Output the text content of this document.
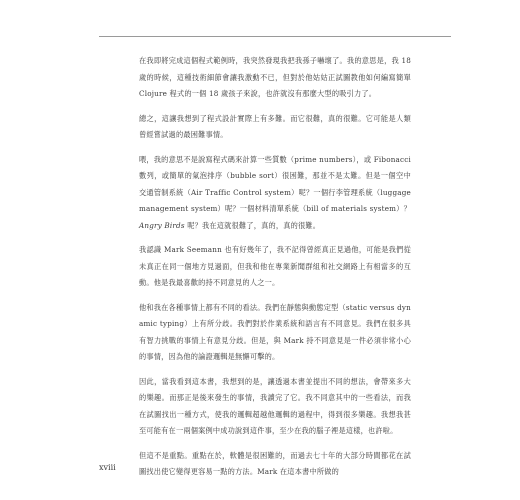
在我即將完成這個程式範例時，我突然發現我把我孫子嚇壞了。我的意思是，我 18 歲的時候，這種技術細節會讓我激動不已，但對於他姑姑正試圖教他如何編寫簡單 Clojure 程式的一個 18 歲孩子來說，也許就沒有那麼大型的吸引力了。

總之，這讓我想到了程式設計實際上有多難。而它很難，真的很難。它可能是人類曾經嘗試過的最困難事情。

喂，我的意思不是說寫程式碼來計算一些質數（prime numbers），或 Fibonacci 數列，或簡單的氣泡排序（bubble sort）很困難，那並不是太難。但是一個空中交通管制系統（Air Traffic Control system）呢？一個行李管理系統（luggage management system）呢？一個材料清單系統（bill of materials system）？Angry Birds 呢？我在這就很難了，真的，真的很難。

我認識 Mark Seemann 也有好幾年了，我不記得曾經真正見過他，可能是我們從未真正在同一個地方見過面，但我和他在專業新聞群組和社交網路上有相當多的互動。他是我最喜歡的持不同意見的人之一。

他和我在各種事情上都有不同的看法。我們在靜態與動態定型（static versus dynamic typing）上有所分歧。我們對於作業系統和語言有不同意見。我們在很多具有智力挑戰的事情上有意見分歧。但是，與 Mark 持不同意見是一件必須非常小心的事情，因為他的論證邏輯是無懈可擊的。

因此，當我看到這本書，我想到的是，讓透過本書並提出不同的想法，會帶來多大的樂趣。而那正是後來發生的事情，我讀完了它。我不同意其中的一些看法，而我在試圖找出一種方式，使我的邏輯超越他邏輯的過程中，得到很多樂趣。我想我甚至可能有在一兩個案例中成功說到這件事，至少在我的腦子裡是這樣，也許啦。

但這不是重點。重點在於，軟體是很困難的，而過去七十年的大部分時間都花在試圖找出使它變得更容易一點的方法。Mark 在這本書中所做的

xviii
